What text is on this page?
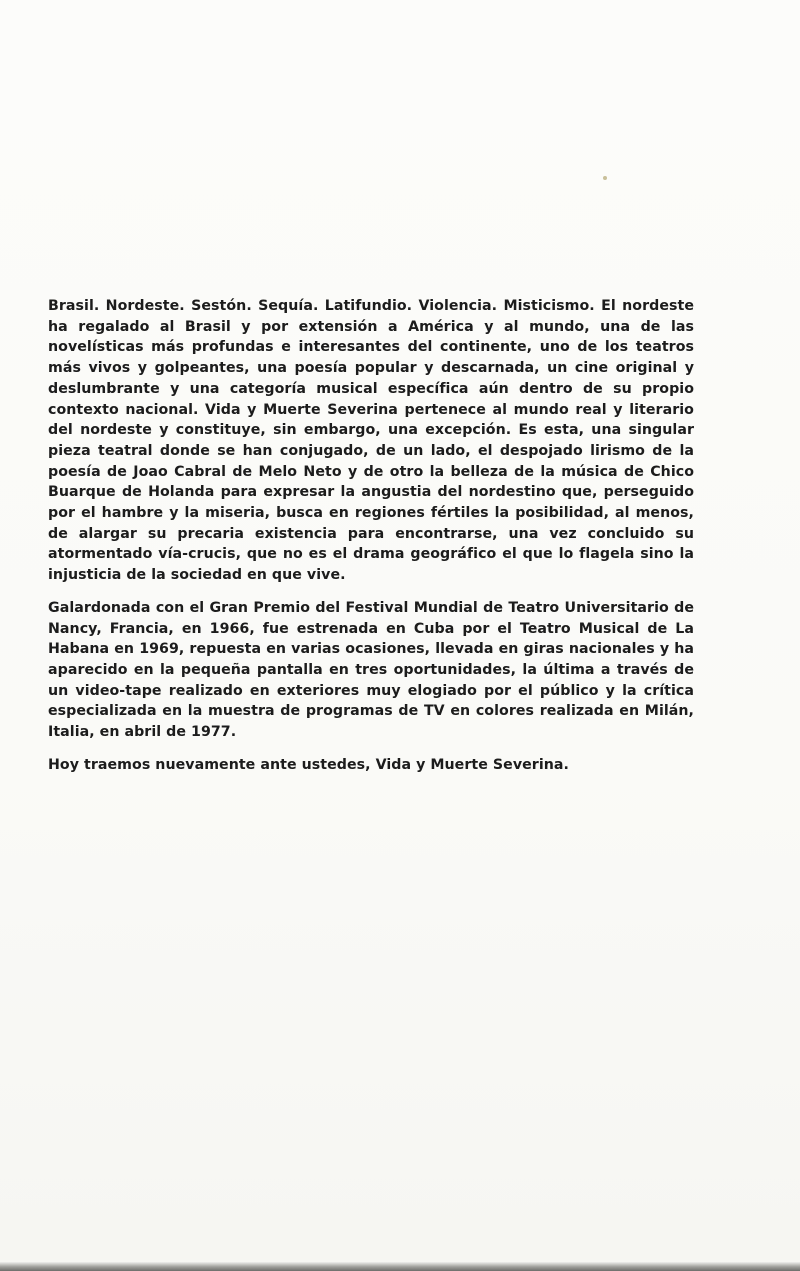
Brasil. Nordeste. Sestón. Sequía. Latifundio. Violencia. Misticismo. El nordeste ha regalado al Brasil y por extensión a América y al mundo, una de las novelísticas más profundas e interesantes del continente, uno de los teatros más vivos y golpeantes, una poesía popular y descarnada, un cine original y deslumbrante y una categoría musical específica aún dentro de su propio contexto nacional. Vida y Muerte Severina pertenece al mundo real y literario del nordeste y constituye, sin embargo, una excepción. Es esta, una singular pieza teatral donde se han conjugado, de un lado, el despojado lirismo de la poesía de Joao Cabral de Melo Neto y de otro la belleza de la música de Chico Buarque de Holanda para expresar la angustia del nordestino que, perseguido por el hambre y la miseria, busca en regiones fértiles la posibilidad, al menos, de alargar su precaria existencia para encontrarse, una vez concluido su atormentado vía-crucis, que no es el drama geográfico el que lo flagela sino la injusticia de la sociedad en que vive.

Galardonada con el Gran Premio del Festival Mundial de Teatro Universitario de Nancy, Francia, en 1966, fue estrenada en Cuba por el Teatro Musical de La Habana en 1969, repuesta en varias ocasiones, llevada en giras nacionales y ha aparecido en la pequeña pantalla en tres oportunidades, la última a través de un video-tape realizado en exteriores muy elogiado por el público y la crítica especializada en la muestra de programas de TV en colores realizada en Milán, Italia, en abril de 1977.

Hoy traemos nuevamente ante ustedes, Vida y Muerte Severina.
